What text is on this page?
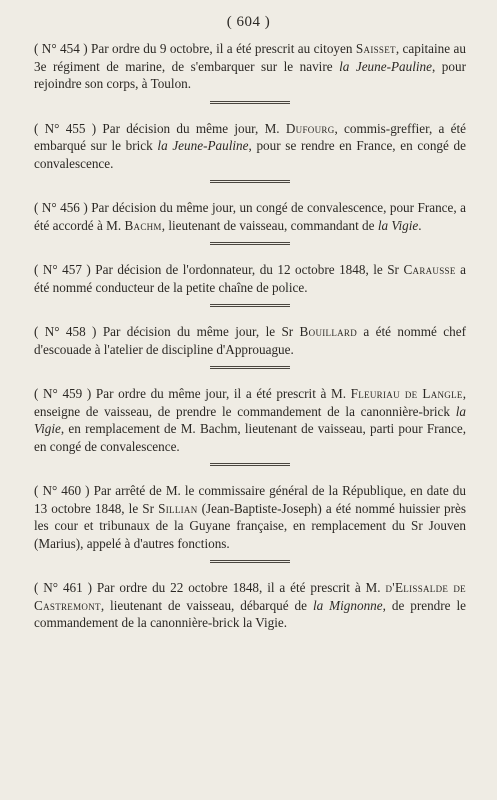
( 604 )

( N° 454 ) Par ordre du 9 octobre, il a été prescrit au citoyen Saisset, capitaine au 3e régiment de marine, de s'embarquer sur le navire la Jeune-Pauline, pour rejoindre son corps, à Toulon.

( N° 455 ) Par décision du même jour, M. Dufourg, commis-greffier, a été embarqué sur le brick la Jeune-Pauline, pour se rendre en France, en congé de convalescence.

( N° 456 ) Par décision du même jour, un congé de convalescence, pour France, a été accordé à M. Bachm, lieutenant de vaisseau, commandant de la Vigie.

( N° 457 ) Par décision de l'ordonnateur, du 12 octobre 1848, le Sr Carausse a été nommé conducteur de la petite chaîne de police.

( N° 458 ) Par décision du même jour, le Sr Bouillard a été nommé chef d'escouade à l'atelier de discipline d'Approuague.

( N° 459 ) Par ordre du même jour, il a été prescrit à M. Fleuriau de Langle, enseigne de vaisseau, de prendre le commandement de la canonnière-brick la Vigie, en remplacement de M. Bachm, lieutenant de vaisseau, parti pour France, en congé de convalescence.

( N° 460 ) Par arrêté de M. le commissaire général de la République, en date du 13 octobre 1848, le Sr Sillian (Jean-Baptiste-Joseph) a été nommé huissier près les cour et tribunaux de la Guyane française, en remplacement du Sr Jouven (Marius), appelé à d'autres fonctions.

( N° 461 ) Par ordre du 22 octobre 1848, il a été prescrit à M. d'Elissalde de Castremont, lieutenant de vaisseau, débarqué de la Mignonne, de prendre le commandement de la canonnière-brick la Vigie.
